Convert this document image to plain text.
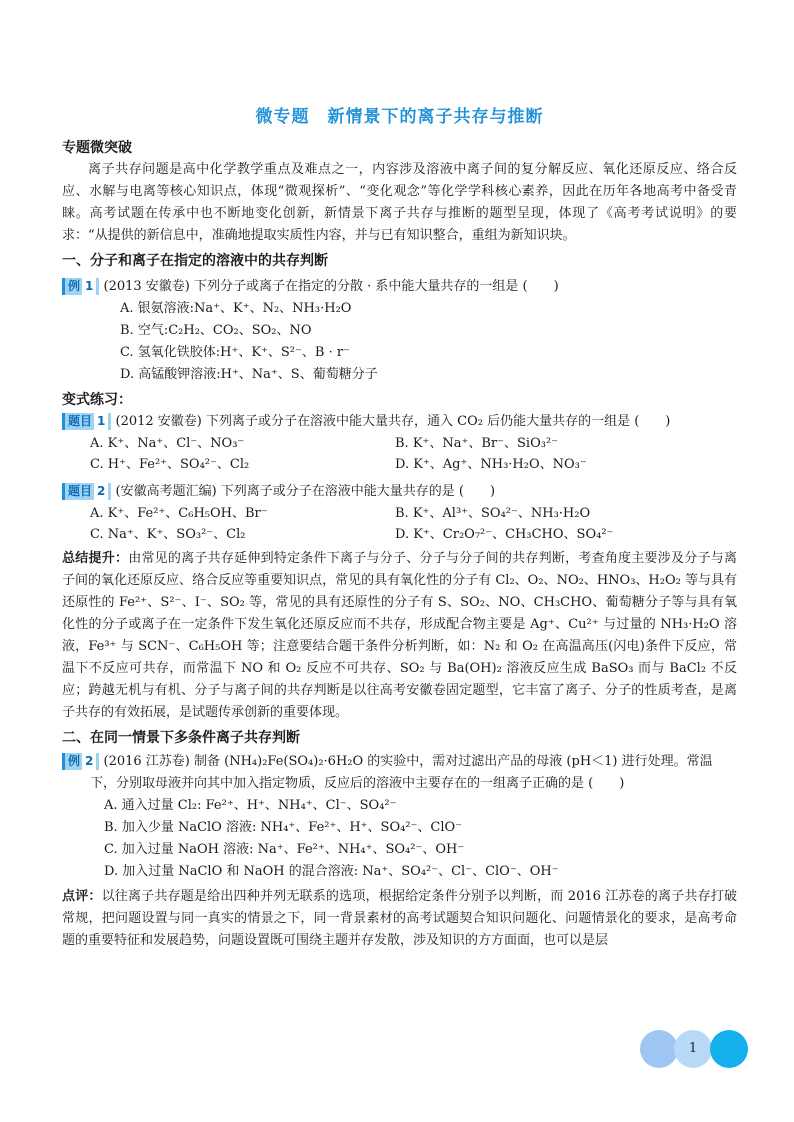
微专题　新情景下的离子共存与推断
专题微突破

离子共存问题是高中化学教学重点及难点之一，内容涉及溶液中离子间的复分解反应、氧化还原反应、络合反应、水解与电离等核心知识点，体现“微观探析”、“变化观念”等化学学科核心素养，因此在历年各地高考中备受青睐。高考试题在传承中也不断地变化创新，新情景下离子共存与推断的题型呈现，体现了《高考考试说明》的要求：“从提供的新信息中，准确地提取实质性内容，并与已有知识整合，重组为新知识块。

一、分子和离子在指定的溶液中的共存判断
例 1 (2013 安徽卷) 下列分子或离子在指定的分散 · 系中能大量共存的一组是 (　　)
A. 银氨溶液:Na⁺、K⁺、N₂、NH₃·H₂O
B. 空气:C₂H₂、CO₂、SO₂、NO
C. 氢氧化铁胶体:H⁺、K⁺、S²⁻、B · r⁻
D. 高锰酸钾溶液:H⁺、Na⁺、S、葡萄糖分子
变式练习：
题目 1 (2012 安徽卷) 下列离子或分子在溶液中能大量共存，通入 CO₂ 后仍能大量共存的一组是 (　　)
A. K⁺、Na⁺、Cl⁻、NO₃⁻	B. K⁺、Na⁺、Br⁻、SiO₃²⁻
C. H⁺、Fe²⁺、SO₄²⁻、Cl₂	D. K⁺、Ag⁺、NH₃·H₂O、NO₃⁻
题目 2 (安徽高考题汇编) 下列离子或分子在溶液中能大量共存的是 (　　)
A. K⁺、Fe²⁺、C₆H₅OH、Br⁻	B. K⁺、Al³⁺、SO₄²⁻、NH₃·H₂O
C. Na⁺、K⁺、SO₃²⁻、Cl₂	D. K⁺、Cr₂O₇²⁻、CH₃CHO、SO₄²⁻

总结提升：由常见的离子共存延伸到特定条件下离子与分子、分子与分子间的共存判断，考查角度主要涉及分子与离子间的氧化还原反应、络合反应等重要知识点，常见的具有氧化性的分子有 Cl₂、O₂、NO₂、HNO₃、H₂O₂ 等与具有还原性的 Fe²⁺、S²⁻、I⁻、SO₂ 等，常见的具有还原性的分子有 S、SO₂、NO、CH₃CHO、葡萄糖分子等与具有氧化性的分子或离子在一定条件下发生氧化还原反应而不共存，形成配合物主要是 Ag⁺、Cu²⁺ 与过量的 NH₃·H₂O 溶液，Fe³⁺ 与 SCN⁻、C₆H₅OH 等；注意要结合题干条件分析判断，如：N₂ 和 O₂ 在高温高压(闪电)条件下反应，常温下不反应可共存，而常温下 NO 和 O₂ 反应不可共存、SO₂ 与 Ba(OH)₂ 溶液反应生成 BaSO₃ 而与 BaCl₂ 不反应；跨越无机与有机、分子与离子间的共存判断是以往高考安徽卷固定题型，它丰富了离子、分子的性质考查，是离子共存的有效拓展，是试题传承创新的重要体现。

二、在同一情景下多条件离子共存判断
例 2 (2016 江苏卷) 制备 (NH₄)₂Fe(SO₄)₂·6H₂O 的实验中，需对过滤出产品的母液 (pH＜1) 进行处理。常温下，分别取母液并向其中加入指定物质，反应后的溶液中主要存在的一组离子正确的是 (　　)
A. 通入过量 Cl₂: Fe²⁺、H⁺、NH₄⁺、Cl⁻、SO₄²⁻
B. 加入少量 NaClO 溶液: NH₄⁺、Fe²⁺、H⁺、SO₄²⁻、ClO⁻
C. 加入过量 NaOH 溶液: Na⁺、Fe²⁺、NH₄⁺、SO₄²⁻、OH⁻
D. 加入过量 NaClO 和 NaOH 的混合溶液: Na⁺、SO₄²⁻、Cl⁻、ClO⁻、OH⁻

点评：以往离子共存题是给出四种并列无联系的选项，根据给定条件分别予以判断，而 2016 江苏卷的离子共存打破常规，把问题设置与同一真实的情景之下，同一背景素材的高考试题契合知识问题化、问题情景化的要求，是高考命题的重要特征和发展趋势，问题设置既可围绕主题并存发散，涉及知识的方方面面，也可以是层

1
